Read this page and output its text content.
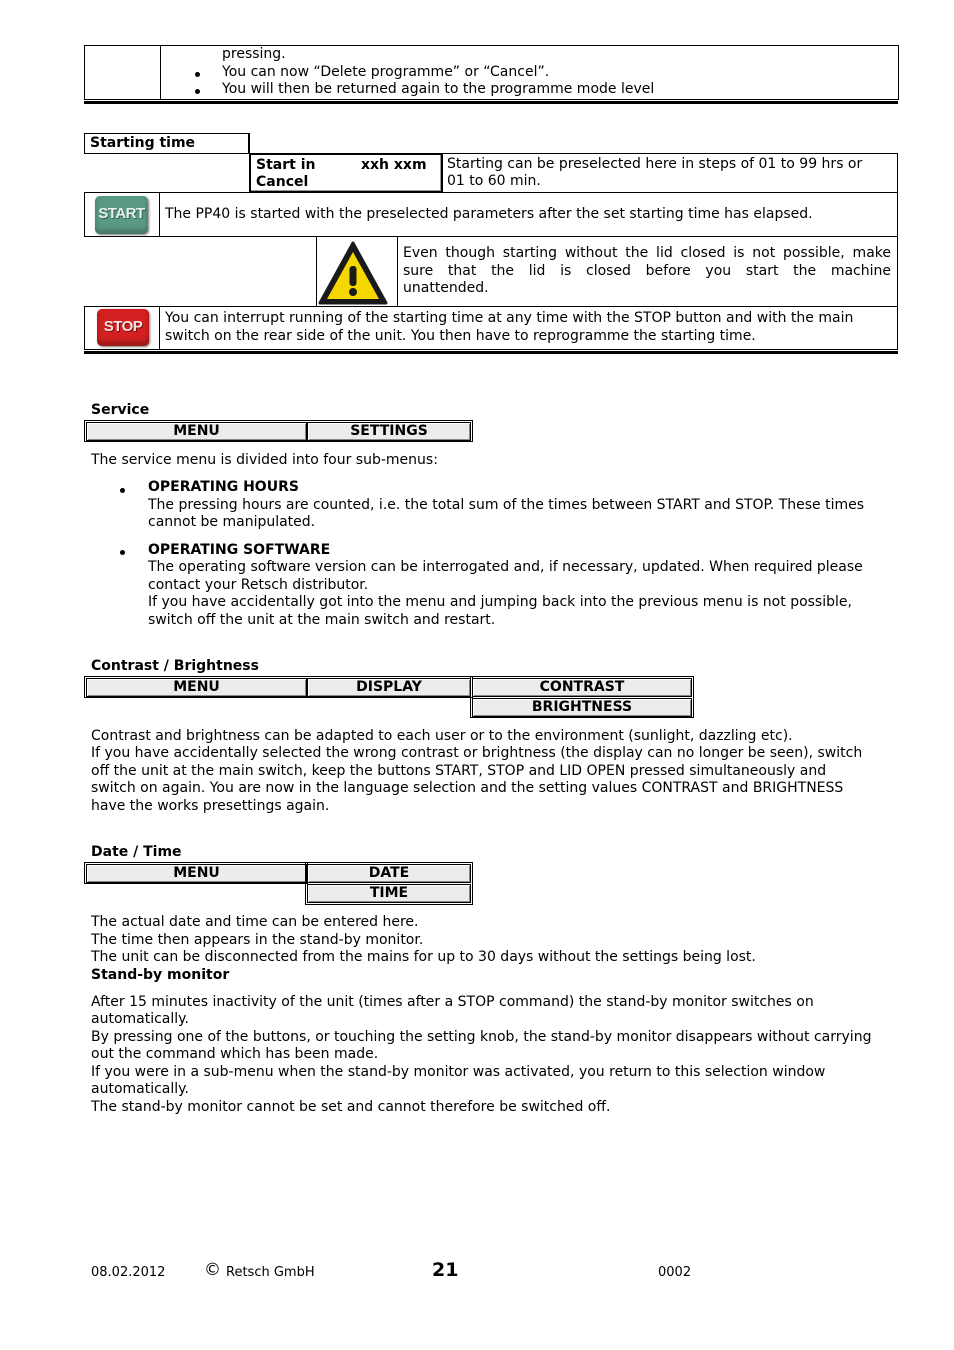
pressing.
You can now “Delete programme” or “Cancel”.
You will then be returned again to the programme mode level
Starting time
Start in	xxh xxm
Cancel
Starting can be preselected here in steps of 01 to 99 hrs or
01 to 60 min.
START The PP40 is started with the preselected parameters after the set starting time has elapsed.
Even though starting without the lid closed is not possible, make
sure that the lid is closed before you start the machine
unattended.
STOP	You can interrupt running of the starting time at any time with the STOP button and with the main
switch on the rear side of the unit. You then have to reprogramme the starting time.
Service
MENU	SETTINGS
The service menu is divided into four sub-menus:
OPERATING HOURS
The pressing hours are counted, i.e. the total sum of the times between START and STOP. These times
cannot be manipulated.
OPERATING SOFTWARE
The operating software version can be interrogated and, if necessary, updated. When required please
contact your Retsch distributor.
If you have accidentally got into the menu and jumping back into the previous menu is not possible,
switch off the unit at the main switch and restart.
Contrast / Brightness
MENU	DISPLAY	CONTRAST
BRIGHTNESS
Contrast and brightness can be adapted to each user or to the environment (sunlight, dazzling etc).
If you have accidentally selected the wrong contrast or brightness (the display can no longer be seen), switch
off the unit at the main switch, keep the buttons START, STOP and LID OPEN pressed simultaneously and
switch on again. You are now in the language selection and the setting values CONTRAST and BRIGHTNESS
have the works presettings again.
Date / Time
MENU	DATE
TIME
The actual date and time can be entered here.
The time then appears in the stand-by monitor.
The unit can be disconnected from the mains for up to 30 days without the settings being lost.
Stand-by monitor
After 15 minutes inactivity of the unit (times after a STOP command) the stand-by monitor switches on
automatically.
By pressing one of the buttons, or touching the setting knob, the stand-by monitor disappears without carrying
out the command which has been made.
If you were in a sub-menu when the stand-by monitor was activated, you return to this selection window
automatically.
The stand-by monitor cannot be set and cannot therefore be switched off.
08.02.2012 © Retsch GmbH	21	0002
